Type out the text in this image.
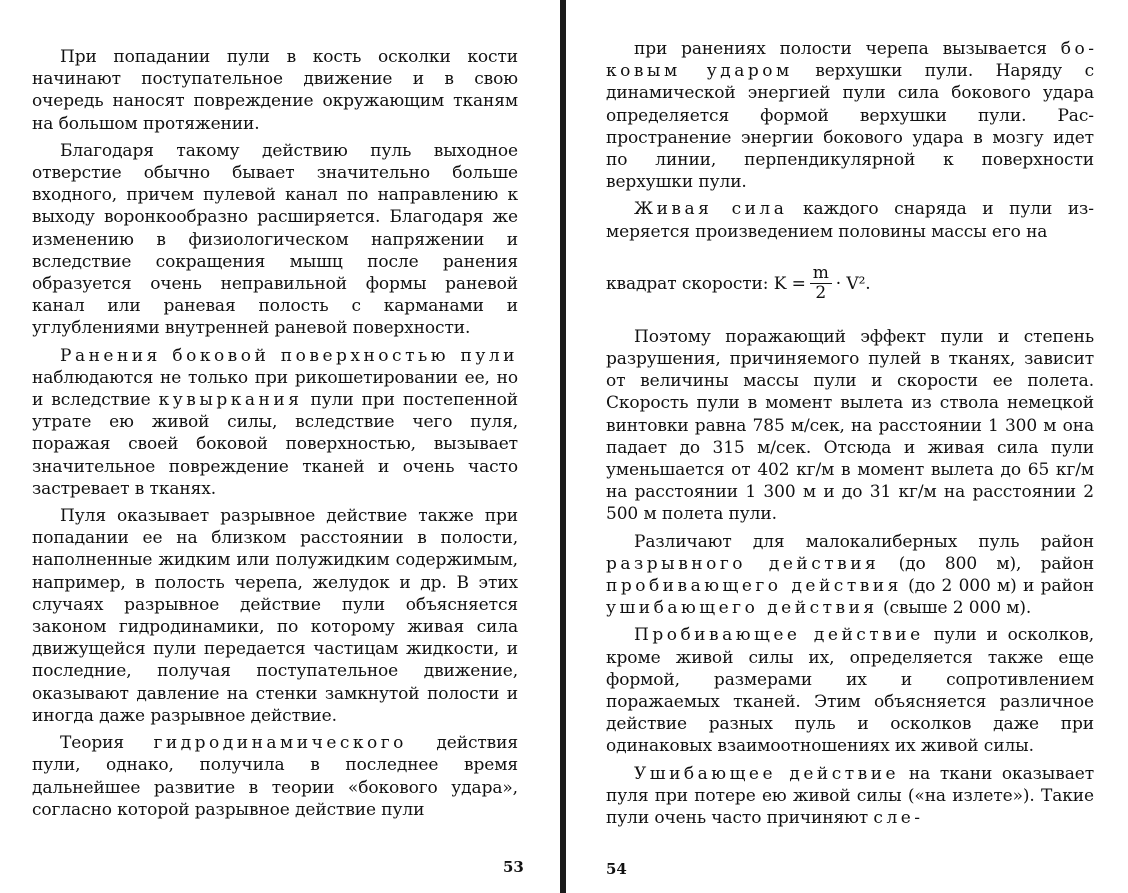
При попадании пули в кость осколки кости начинают поступательное движение и в свою очередь наносят повреждение окружающим тканям на большом протяжении.

Благодаря такому действию пуль выходное отверстие обычно бывает значительно больше входного, причем пулевой канал по направлению к выходу воронкообразно расширяется. Благодаря же изменению в физиологическом напряжении и вследствие сокращения мышц после ранения образуется очень неправильной формы раневой канал или раневая полость с карманами и углублениями внутренней раневой поверхности.

Ранения боковой поверхностью пули наблюдаются не только при рикошетировании ее, но и вследствие кувыркания пули при постепенной утрате ею живой силы, вследствие чего пуля, поражая своей боковой поверхностью, вызывает значительное повреждение тканей и очень часто застревает в тканях.

Пуля оказывает разрывное действие также при попадании ее на близком расстоянии в полости, наполненные жидким или полужидким содержимым, например, в полость черепа, желудок и др. В этих случаях разрывное действие пули объясняется законом гидродинамики, по которому живая сила движущейся пули передается частицам жидкости, и последние, получая поступательное движение, оказывают давление на стенки замкнутой полости и иногда даже разрывное действие.

Теория гидродинамического действия пули, однако, получила в последнее время дальнейшее развитие в теории «бокового удара», согласно которой разрывное действие пули

53

при ранениях полости черепа вызывается боковым ударом верхушки пули. Наряду с динамической энергией пули сила бокового удара определяется формой верхушки пули. Распространение энергии бокового удара в мозгу идет по линии, перпендикулярной к поверхности верхушки пули.

Живая сила каждого снаряда и пули измеряется произведением половины массы его на

квадрат скорости: $K = \frac{m}{2} \cdot V^2$.

Поэтому поражающий эффект пули и степень разрушения, причиняемого пулей в тканях, зависит от величины массы пули и скорости ее полета. Скорость пули в момент вылета из ствола немецкой винтовки равна 785 м/сек, на расстоянии 1 300 м она падает до 315 м/сек. Отсюда и живая сила пули уменьшается от 402 кг/м в момент вылета до 65 кг/м на расстоянии 1 300 м и до 31 кг/м на расстоянии 2 500 м полета пули.

Различают для малокалиберных пуль район разрывного действия (до 800 м), район пробивающего действия (до 2 000 м) и район ушибающего действия (свыше 2 000 м).

Пробивающее действие пули и осколков, кроме живой силы их, определяется также еще формой, размерами их и сопротивлением поражаемых тканей. Этим объясняется различное действие разных пуль и осколков даже при одинаковых взаимоотношениях их живой силы.

Ушибающее действие на ткани оказывает пуля при потере ею живой силы («на излете»). Такие пули очень часто причиняют сле-

54
